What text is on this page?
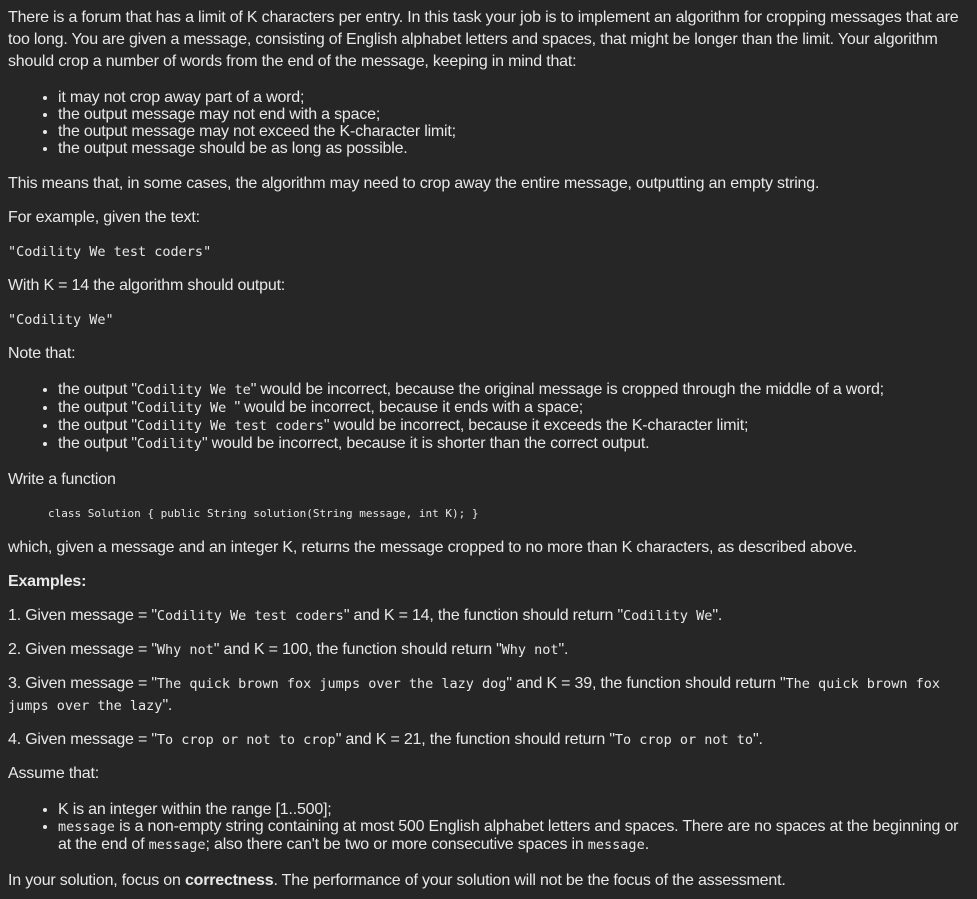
There is a forum that has a limit of K characters per entry. In this task your job is to implement an algorithm for cropping messages that are too long. You are given a message, consisting of English alphabet letters and spaces, that might be longer than the limit. Your algorithm should crop a number of words from the end of the message, keeping in mind that:

• it may not crop away part of a word;
• the output message may not end with a space;
• the output message may not exceed the K-character limit;
• the output message should be as long as possible.

This means that, in some cases, the algorithm may need to crop away the entire message, outputting an empty string.

For example, given the text:

"Codility We test coders"

With K = 14 the algorithm should output:

"Codility We"

Note that:

• the output "Codility We te" would be incorrect, because the original message is cropped through the middle of a word;
• the output "Codility We " would be incorrect, because it ends with a space;
• the output "Codility We test coders" would be incorrect, because it exceeds the K-character limit;
• the output "Codility" would be incorrect, because it is shorter than the correct output.

Write a function

class Solution { public String solution(String message, int K); }

which, given a message and an integer K, returns the message cropped to no more than K characters, as described above.

Examples:

1. Given message = "Codility We test coders" and K = 14, the function should return "Codility We".

2. Given message = "Why not" and K = 100, the function should return "Why not".

3. Given message = "The quick brown fox jumps over the lazy dog" and K = 39, the function should return "The quick brown fox jumps over the lazy".

4. Given message = "To crop or not to crop" and K = 21, the function should return "To crop or not to".

Assume that:

• K is an integer within the range [1..500];
• message is a non-empty string containing at most 500 English alphabet letters and spaces. There are no spaces at the beginning or at the end of message; also there can't be two or more consecutive spaces in message.

In your solution, focus on correctness. The performance of your solution will not be the focus of the assessment.
